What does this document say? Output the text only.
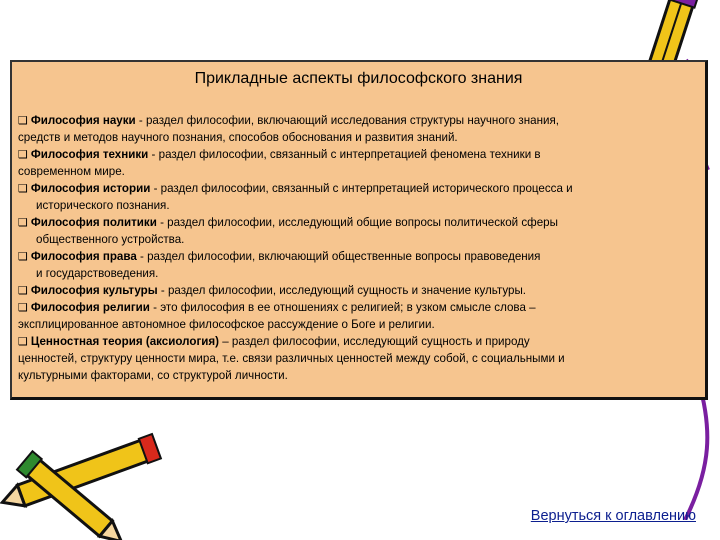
Прикладные аспекты философского знания

❑ Философия науки - раздел философии, включающий исследования структуры научного знания,
средств и методов научного познания, способов обоснования и развития знаний.

❑ Философия техники - раздел философии, связанный с интерпретацией феномена техники в
современном мире.

❑ Философия истории - раздел философии, связанный с интерпретацией исторического процесса и
исторического познания.

❑ Философия политики - раздел философии, исследующий общие вопросы политической сферы
общественного устройства.

❑ Философия права - раздел философии, включающий общественные вопросы правоведения
и государствоведения.

❑ Философия культуры - раздел философии, исследующий сущность и значение культуры.

❑ Философия религии - это философия в ее отношениях с религией; в узком смысле слова –
эксплицированное автономное философское рассуждение о Боге и религии.

❑ Ценностная теория (аксиология) – раздел философии, исследующий сущность и природу
ценностей, структуру ценности мира, т.е. связи различных ценностей между собой, с социальными и
культурными факторами, со структурой личности.

Вернуться к оглавлению
